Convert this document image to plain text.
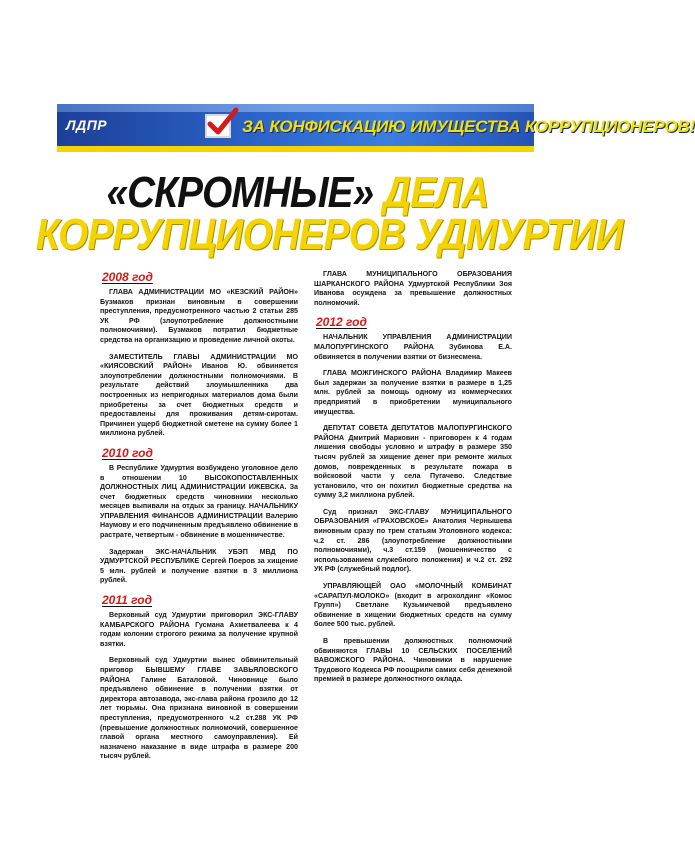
ЛДПР	ЗА КОНФИСКАЦИЮ ИМУЩЕСТВА КОРРУПЦИОНЕРОВ!
«СКРОМНЫЕ» ДЕЛА
КОРРУПЦИОНЕРОВ УДМУРТИИ
2008 год

ГЛАВА АДМИНИСТРАЦИИ МО «КЕЗСКИЙ РАЙОН» Бузмаков признан виновным в совершении преступления, предусмотренного частью 2 статьи 285 УК РФ (злоупотребление должностными полномочиями). Бузмаков потратил бюджетные средства на организацию и проведение личной охоты.

ЗАМЕСТИТЕЛЬ ГЛАВЫ АДМИНИСТРАЦИИ МО «КИЯСОВСКИЙ РАЙОН» Иванов Ю. обвиняется злоупотреблении должностными полномочиями. В результате действий злоумышленника два построенных из непригодных материалов дома были приобретены за счет бюджетных средств и предоставлены для проживания детям-сиротам. Причинен ущерб бюджетной сметене на сумму более 1 миллиона рублей.

2010 год

В Республике Удмуртия возбуждено уголовное дело в отношении 10 ВЫСОКОПОСТАВЛЕННЫХ ДОЛЖНОСТНЫХ ЛИЦ АДМИНИСТРАЦИИ ИЖЕВСКА. За счет бюджетных средств чиновники несколько месяцев выпивали на отдых за границу. НАЧАЛЬНИКУ УПРАВЛЕНИЯ ФИНАНСОВ АДМИНИСТРАЦИИ Валерию Наумову и его подчиненным предъявлено обвинение в растрате, четвертым - обвинение в мошенничестве.

Задержан ЭКС-НАЧАЛЬНИК УБЭП МВД ПО УДМУРТСКОЙ РЕСПУБЛИКЕ Сергей Поеров за хищение 5 млн. рублей и получение взятки в 3 миллиона рублей.

2011 год

Верховный суд Удмуртии приговорил ЭКС-ГЛАВУ КАМБАРСКОГО РАЙОНА Гусмана Ахметвалеева к 4 годам колонии строгого режима за получение крупной взятки.

Верховный суд Удмуртии вынес обвинительный приговор БЫВШЕМУ ГЛАВЕ ЗАВЬЯЛОВСКОГО РАЙОНА Галине Баталовой. Чиновнице было предъявлено обвинение в получении взятки от директора автозавода, экс-глава района грозило до 12 лет тюрьмы. Она признана виновной в совершении преступления, предусмотренного ч.2 ст.288 УК РФ (превышение должностных полномочий, совершенное главой органа местного самоуправления). Ей назначено наказание в виде штрафа в размере 200 тысяч рублей.

ГЛАВА МУНИЦИПАЛЬНОГО ОБРАЗОВАНИЯ ШАРКАНСКОГО РАЙОНА Удмуртской Республики Зоя Иванова осуждена за превышение должностных полномочий.

2012 год

НАЧАЛЬНИК УПРАВЛЕНИЯ АДМИНИСТРАЦИИ МАЛОПУРГИНСКОГО РАЙОНА Зубинова Е.А. обвиняется в получении взятки от бизнесмена.

ГЛАВА МОЖГИНСКОГО РАЙОНА Владимир Макеев был задержан за получение взятки в размере в 1,25 млн. рублей за помощь одному из коммерческих предприятий в приобретении муниципального имущества.

ДЕПУТАТ СОВЕТА ДЕПУТАТОВ МАЛОПУРГИНСКОГО РАЙОНА Дмитрий Марковин - приговорен к 4 годам лишения свободы условно и штрафу в размере 350 тысяч рублей за хищение денег при ремонте жилых домов, поврежденных в результате пожара в войсковой части у села Пугачево. Следствие установило, что он похитил бюджетные средства на сумму 3,2 миллиона рублей.

Суд признал ЭКС-ГЛАВУ МУНИЦИПАЛЬНОГО ОБРАЗОВАНИЯ «ГРАХОВСКОЕ» Анатолия Чернышева виновным сразу по трем статьям Уголовного кодекса: ч.2 ст. 286 (злоупотребление должностными полномочиями), ч.3 ст.159 (мошенничество с использованием служебного положения) и ч.2 ст. 292 УК РФ (служебный подлог).

УПРАВЛЯЮЩЕЙ ОАО «МОЛОЧНЫЙ КОМБИНАТ «САРАПУЛ-МОЛОКО» (входит в агрохолдинг «Комос Групп») Светлане Кузьмичевой предъявлено обвинение в хищении бюджетных средств на сумму более 500 тыс. рублей.

В превышении должностных полномочий обвиняются ГЛАВЫ 10 СЕЛЬСКИХ ПОСЕЛЕНИЙ ВАВОЖСКОГО РАЙОНА. Чиновники в нарушение Трудового Кодекса РФ поощрили самих себя денежной премией в размере должностного оклада.
